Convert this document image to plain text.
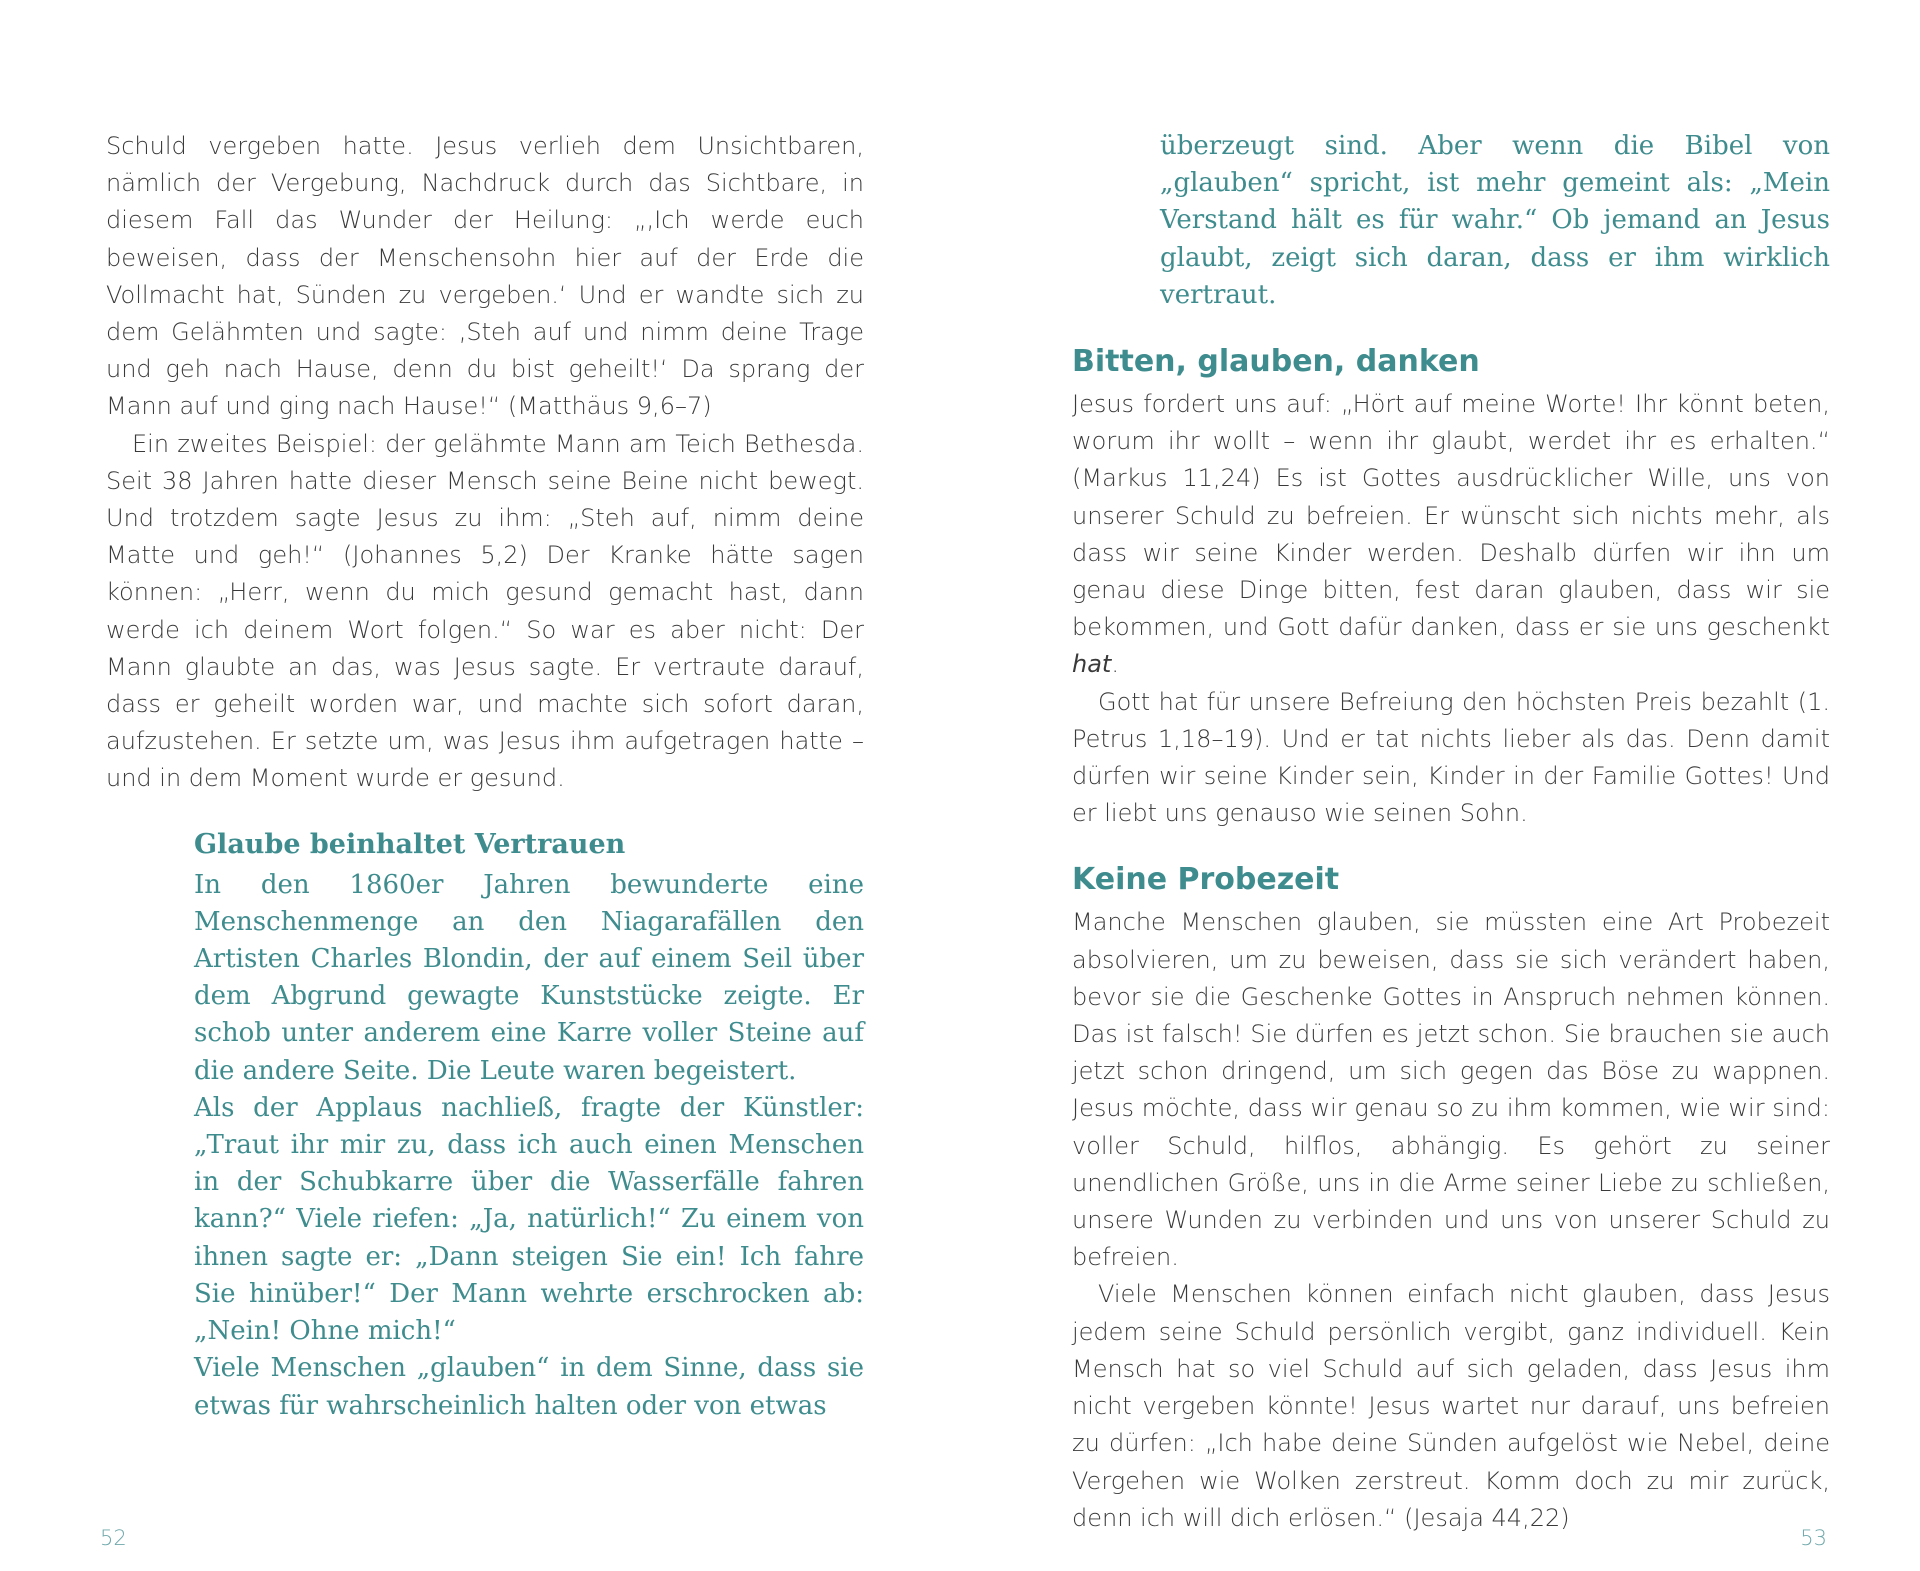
Schuld vergeben hatte. Jesus verlieh dem Unsichtbaren, nämlich der Vergebung, Nachdruck durch das Sichtbare, in diesem Fall das Wunder der Heilung: „‚Ich werde euch beweisen, dass der Menschensohn hier auf der Erde die Vollmacht hat, Sünden zu vergeben.‘ Und er wandte sich zu dem Gelähmten und sagte: ‚Steh auf und nimm deine Trage und geh nach Hause, denn du bist geheilt!‘ Da sprang der Mann auf und ging nach Hause!“ (Matthäus 9,6–7)

Ein zweites Beispiel: der gelähmte Mann am Teich Bethesda. Seit 38 Jahren hatte dieser Mensch seine Beine nicht bewegt. Und trotzdem sagte Jesus zu ihm: „Steh auf, nimm deine Matte und geh!“ (Johannes 5,2) Der Kranke hätte sagen können: „Herr, wenn du mich gesund gemacht hast, dann werde ich deinem Wort folgen.“ So war es aber nicht: Der Mann glaubte an das, was Jesus sagte. Er vertraute darauf, dass er geheilt worden war, und machte sich sofort daran, aufzustehen. Er setzte um, was Jesus ihm aufgetragen hatte – und in dem Moment wurde er gesund.

Glaube beinhaltet Vertrauen

In den 1860er Jahren bewunderte eine Menschenmenge an den Niagarafällen den Artisten Charles Blondin, der auf einem Seil über dem Abgrund gewagte Kunststücke zeigte. Er schob unter anderem eine Karre voller Steine auf die andere Seite. Die Leute waren begeistert.

Als der Applaus nachließ, fragte der Künstler: „Traut ihr mir zu, dass ich auch einen Menschen in der Schubkarre über die Wasserfälle fahren kann?“ Viele riefen: „Ja, natürlich!“ Zu einem von ihnen sagte er: „Dann steigen Sie ein! Ich fahre Sie hinüber!“ Der Mann wehrte erschrocken ab: „Nein! Ohne mich!“

Viele Menschen „glauben“ in dem Sinne, dass sie etwas für wahrscheinlich halten oder von etwas

52

überzeugt sind. Aber wenn die Bibel von „glauben“ spricht, ist mehr gemeint als: „Mein Verstand hält es für wahr.“ Ob jemand an Jesus glaubt, zeigt sich daran, dass er ihm wirklich vertraut.

Bitten, glauben, danken

Jesus fordert uns auf: „Hört auf meine Worte! Ihr könnt beten, worum ihr wollt – wenn ihr glaubt, werdet ihr es erhalten.“ (Markus 11,24) Es ist Gottes ausdrücklicher Wille, uns von unserer Schuld zu befreien. Er wünscht sich nichts mehr, als dass wir seine Kinder werden. Deshalb dürfen wir ihn um genau diese Dinge bitten, fest daran glauben, dass wir sie bekommen, und Gott dafür danken, dass er sie uns geschenkt hat.

Gott hat für unsere Befreiung den höchsten Preis bezahlt (1. Petrus 1,18–19). Und er tat nichts lieber als das. Denn damit dürfen wir seine Kinder sein, Kinder in der Familie Gottes! Und er liebt uns genauso wie seinen Sohn.

Keine Probezeit

Manche Menschen glauben, sie müssten eine Art Probezeit absolvieren, um zu beweisen, dass sie sich verändert haben, bevor sie die Geschenke Gottes in Anspruch nehmen können. Das ist falsch! Sie dürfen es jetzt schon. Sie brauchen sie auch jetzt schon dringend, um sich gegen das Böse zu wappnen. Jesus möchte, dass wir genau so zu ihm kommen, wie wir sind: voller Schuld, hilflos, abhängig. Es gehört zu seiner unendlichen Größe, uns in die Arme seiner Liebe zu schließen, unsere Wunden zu verbinden und uns von unserer Schuld zu befreien.

Viele Menschen können einfach nicht glauben, dass Jesus jedem seine Schuld persönlich vergibt, ganz individuell. Kein Mensch hat so viel Schuld auf sich geladen, dass Jesus ihm nicht vergeben könnte! Jesus wartet nur darauf, uns befreien zu dürfen: „Ich habe deine Sünden aufgelöst wie Nebel, deine Vergehen wie Wolken zerstreut. Komm doch zu mir zurück, denn ich will dich erlösen.“ (Jesaja 44,22)

53
